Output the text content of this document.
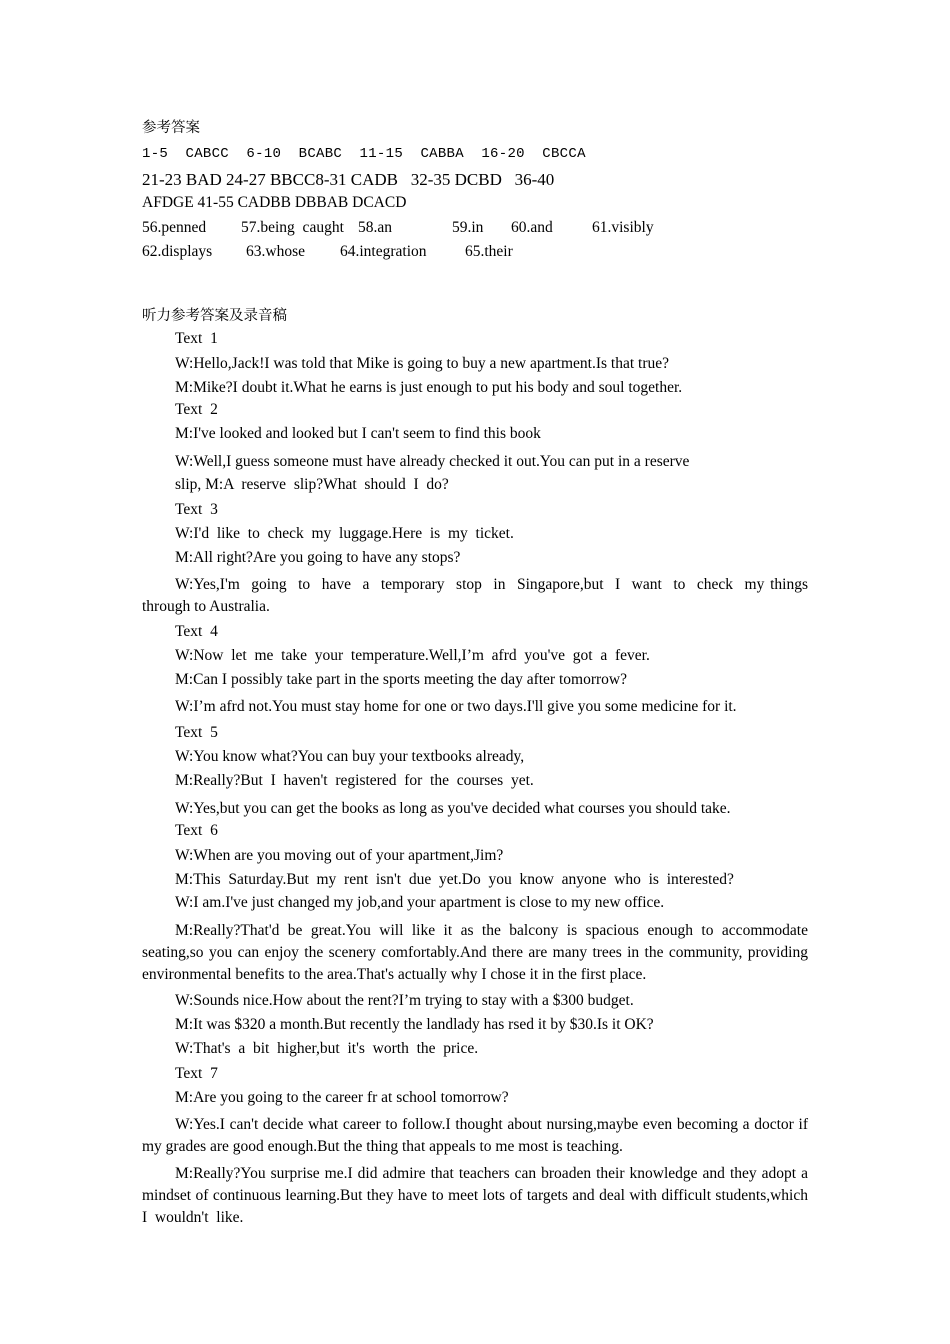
参考答案
1-5  CABCC  6-10  BCABC  11-15  CABBA  16-20  CBCCA
21-23 BAD 24-27 BBCC8-31 CADB   32-35 DCBD   36-40
AFDGE 41-55 CADBB DBBAB DCACD
56.penned	57.being  caught 58.an	59.in	60.and	61.visibly
62.displays	63.whose	64.integration	65.their
听力参考答案及录音稿
Text  1
W:Hello,Jack!I was told that Mike is going to buy a new apartment.Is that true?
M:Mike?I doubt it.What he earns is just enough to put his body and soul together.
Text  2
M:I've looked and looked but I can't seem to find this book
W:Well,I guess someone must have already checked it out.You can put in a reserve
slip, M:A  reserve  slip?What  should  I  do?
Text  3
W:I'd  like  to  check  my  luggage.Here  is  my  ticket.
M:All right?Are you going to have any stops?
W:Yes,I'm  going  to  have  a  temporary  stop  in  Singapore,but  I  want  to  check  my things through to Australia.
Text  4
W:Now  let  me  take  your  temperature.Well,I’m  afrd  you've  got  a  fever.
M:Can I possibly take part in the sports meeting the day after tomorrow?
W:I’m afrd not.You must stay home for one or two days.I'll give you some medicine for it.
Text  5
W:You know what?You can buy your textbooks already,
M:Really?But  I  haven't  registered  for  the  courses  yet.
W:Yes,but you can get the books as long as you've decided what courses you should take.
Text  6
W:When are you moving out of your apartment,Jim?
M:This  Saturday.But  my  rent  isn't  due  yet.Do  you  know  anyone  who  is  interested?
W:I am.I've just changed my job,and your apartment is close to my new office.
M:Really?That'd be great.You will like it as the balcony is spacious enough to accommodate seating,so you can enjoy the scenery comfortably.And there are many trees in the community, providing environmental benefits to the area.That's actually why I chose it in the first place.
W:Sounds nice.How about the rent?I’m trying to stay with a $300 budget.
M:It was $320 a month.But recently the landlady has rsed it by $30.Is it OK?
W:That's  a  bit  higher,but  it's  worth  the  price.
Text  7
M:Are you going to the career fr at school tomorrow?
W:Yes.I can't decide what career to follow.I thought about nursing,maybe even becoming a doctor if my grades are good enough.But the thing that appeals to me most is teaching.
M:Really?You surprise me.I did admire that teachers can broaden their knowledge and they adopt a mindset of continuous learning.But they have to meet lots of targets and deal with difficult students,which  I  wouldn't  like.
